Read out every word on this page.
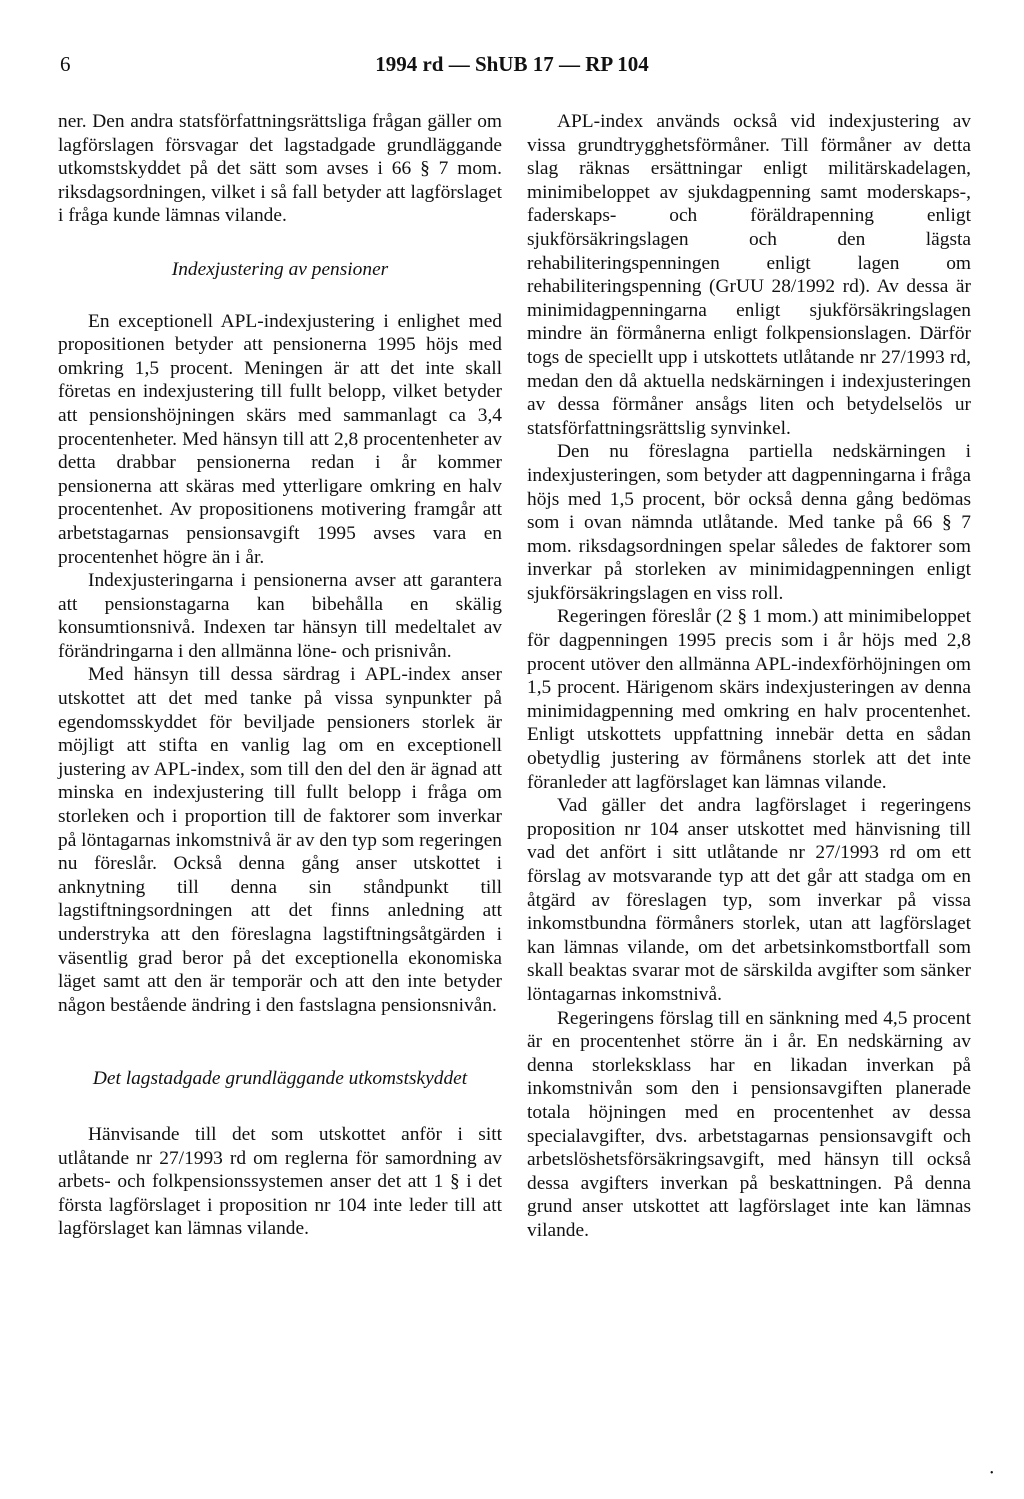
6	1994 rd — ShUB 17 — RP 104

ner. Den andra statsförfattningsrättsliga frågan gäller om lagförslagen försvagar det lagstadgade grundläggande utkomstskyddet på det sätt som avses i 66 § 7 mom. riksdagsordningen, vilket i så fall betyder att lagförslaget i fråga kunde lämnas vilande.

Indexjustering av pensioner

En exceptionell APL-indexjustering i enlighet med propositionen betyder att pensionerna 1995 höjs med omkring 1,5 procent. Meningen är att det inte skall företas en indexjustering till fullt belopp, vilket betyder att pensionshöjningen skärs med sammanlagt ca 3,4 procentenheter. Med hänsyn till att 2,8 procentenheter av detta drabbar pensionerna redan i år kommer pensionerna att skäras med ytterligare omkring en halv procentenhet. Av propositionens motivering framgår att arbetstagarnas pensionsavgift 1995 avses vara en procentenhet högre än i år.

Indexjusteringarna i pensionerna avser att garantera att pensionstagarna kan bibehålla en skälig konsumtionsnivå. Indexen tar hänsyn till medeltalet av förändringarna i den allmänna löne- och prisnivån.

Med hänsyn till dessa särdrag i APL-index anser utskottet att det med tanke på vissa synpunkter på egendomsskyddet för beviljade pensioners storlek är möjligt att stifta en vanlig lag om en exceptionell justering av APL-index, som till den del den är ägnad att minska en indexjustering till fullt belopp i fråga om storleken och i proportion till de faktorer som inverkar på löntagarnas inkomstnivå är av den typ som regeringen nu föreslår. Också denna gång anser utskottet i anknytning till denna sin ståndpunkt till lagstiftningsordningen att det finns anledning att understryka att den föreslagna lagstiftningsåtgärden i väsentlig grad beror på det exceptionella ekonomiska läget samt att den är temporär och att den inte betyder någon bestående ändring i den fastslagna pensionsnivån.

Det lagstadgade grundläggande utkomstskyddet

Hänvisande till det som utskottet anför i sitt utlåtande nr 27/1993 rd om reglerna för samordning av arbets- och folkpensionssystemen anser det att 1 § i det första lagförslaget i proposition nr 104 inte leder till att lagförslaget kan lämnas vilande.

APL-index används också vid indexjustering av vissa grundtrygghetsförmåner. Till förmåner av detta slag räknas ersättningar enligt militärskadelagen, minimibeloppet av sjukdagpenning samt moderskaps-, faderskaps- och föräldrapenning enligt sjukförsäkringslagen och den lägsta rehabiliteringspenningen enligt lagen om rehabiliteringspenning (GrUU 28/1992 rd). Av dessa är minimidagpenningarna enligt sjukförsäkringslagen mindre än förmånerna enligt folkpensionslagen. Därför togs de speciellt upp i utskottets utlåtande nr 27/1993 rd, medan den då aktuella nedskärningen i indexjusteringen av dessa förmåner ansågs liten och betydelselös ur statsförfattningsrättslig synvinkel.

Den nu föreslagna partiella nedskärningen i indexjusteringen, som betyder att dagpenningarna i fråga höjs med 1,5 procent, bör också denna gång bedömas som i ovan nämnda utlåtande. Med tanke på 66 § 7 mom. riksdagsordningen spelar således de faktorer som inverkar på storleken av minimidagpenningen enligt sjukförsäkringslagen en viss roll.

Regeringen föreslår (2 § 1 mom.) att minimibeloppet för dagpenningen 1995 precis som i år höjs med 2,8 procent utöver den allmänna APL-indexförhöjningen om 1,5 procent. Härigenom skärs indexjusteringen av denna minimidagpenning med omkring en halv procentenhet. Enligt utskottets uppfattning innebär detta en sådan obetydlig justering av förmånens storlek att det inte föranleder att lagförslaget kan lämnas vilande.

Vad gäller det andra lagförslaget i regeringens proposition nr 104 anser utskottet med hänvisning till vad det anfört i sitt utlåtande nr 27/1993 rd om ett förslag av motsvarande typ att det går att stadga om en åtgärd av föreslagen typ, som inverkar på vissa inkomstbundna förmåners storlek, utan att lagförslaget kan lämnas vilande, om det arbetsinkomstbortfall som skall beaktas svarar mot de särskilda avgifter som sänker löntagarnas inkomstnivå.

Regeringens förslag till en sänkning med 4,5 procent är en procentenhet större än i år. En nedskärning av denna storleksklass har en likadan inverkan på inkomstnivån som den i pensionsavgiften planerade totala höjningen med en procentenhet av dessa specialavgifter, dvs. arbetstagarnas pensionsavgift och arbetslöshetsförsäkringsavgift, med hänsyn till också dessa avgifters inverkan på beskattningen. På denna grund anser utskottet att lagförslaget inte kan lämnas vilande.

•
